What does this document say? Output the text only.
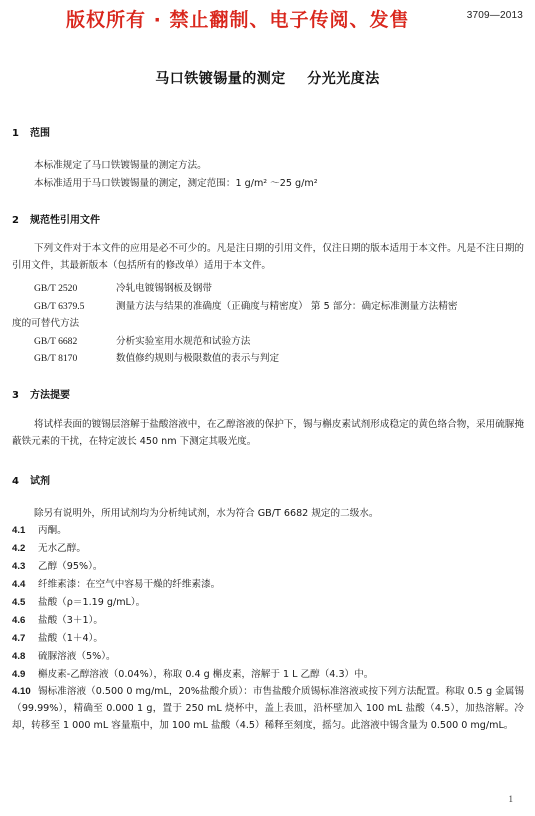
版权所有 · 禁止翻制、电子传阅、发售	3709—2013
马口铁镀锡量的测定    分光光度法
1 范围
本标准规定了马口铁镀锡量的测定方法。
本标准适用于马口铁镀锡量的测定，测定范围：1 g/m² ～25 g/m²
2 规范性引用文件
下列文件对于本文件的应用是必不可少的。凡是注日期的引用文件，仅注日期的版本适用于本文件。凡是不注日期的引用文件，其最新版本（包括所有的修改单）适用于本文件。
GB/T 2520	冷轧电镀锡钢板及钢带
GB/T 6379.5	测量方法与结果的准确度（正确度与精密度） 第 5 部分：确定标准测量方法精密
度的可替代方法
GB/T 6682	分析实验室用水规范和试验方法
GB/T 8170	数值修约规则与极限数值的表示与判定
3 方法提要
将试样表面的镀锡层溶解于盐酸溶液中，在乙醇溶液的保护下，锡与槲皮素试剂形成稳定的黄色络合物，采用硫脲掩蔽铁元素的干扰，在特定波长 450 nm 下测定其吸光度。
4 试剂
除另有说明外，所用试剂均为分析纯试剂，水为符合 GB/T 6682 规定的二级水。
4.1 丙酮。
4.2 无水乙醇。
4.3 乙醇（95%）。
4.4 纤维素漆：在空气中容易干燥的纤维素漆。
4.5 盐酸（ρ＝1.19 g/mL）。
4.6 盐酸（3＋1）。
4.7 盐酸（1＋4）。
4.8 硫脲溶液（5%）。
4.9 槲皮素-乙醇溶液（0.04%），称取 0.4 g 槲皮素，溶解于 1 L 乙醇（4.3）中。
4.10 锡标准溶液（0.500 0 mg/mL，20%盐酸介质）：市售盐酸介质锡标准溶液或按下列方法配置。称取 0.5 g 金属锡（99.99%），精确至 0.000 1 g，置于 250 mL 烧杯中，盖上表皿，沿杯壁加入 100 mL 盐酸（4.5），加热溶解。冷却，转移至 1 000 mL 容量瓶中，加 100 mL 盐酸（4.5）稀释至刻度，摇匀。此溶液中锡含量为 0.500 0 mg/mL。
1
